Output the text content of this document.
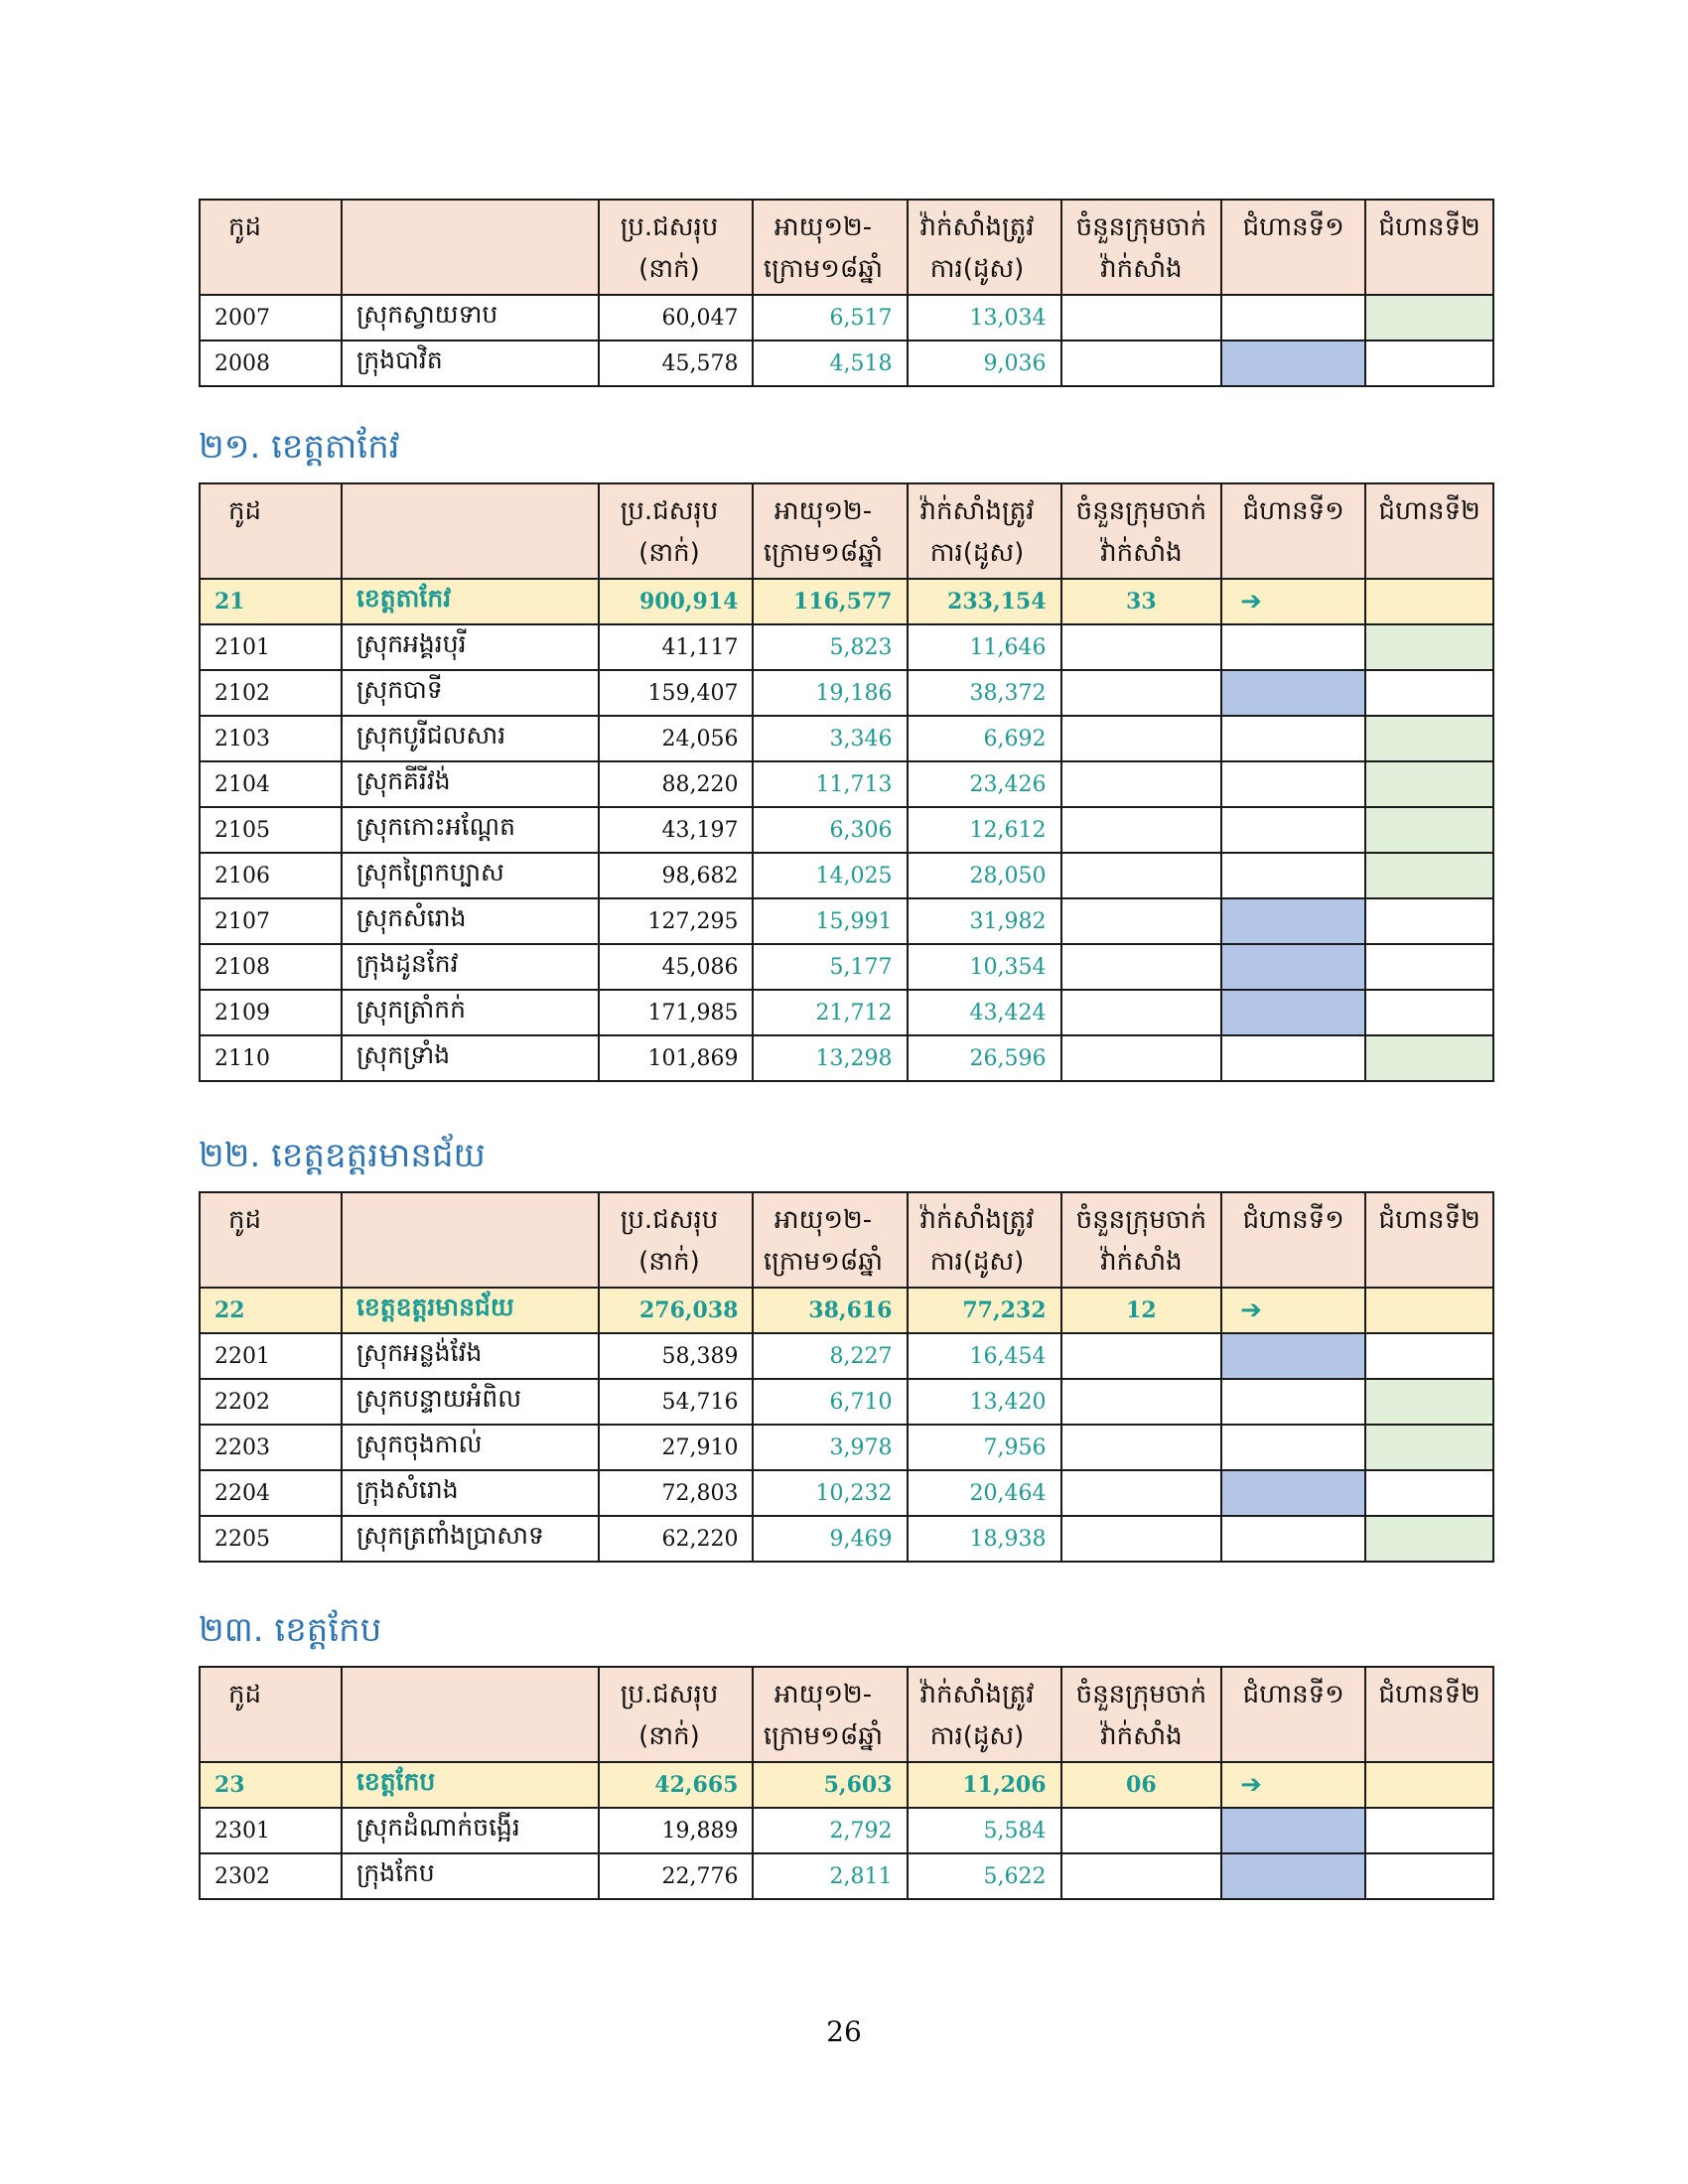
កូដ		ប្រ.ជសរុប (នាក់)	អាយុ១២-ក្រោម១៨ឆ្នាំ	វ៉ាក់សាំងត្រូវការ(ដូស)	ចំនួនក្រុមចាក់វ៉ាក់សាំង	ជំហានទី១	ជំហានទី២
2007	ស្រុកស្វាយទាប	60,047	6,517	13,034			
2008	ក្រុងបាវិត	45,578	4,518	9,036			
២១. ខេត្តតាកែវ
កូដ		ប្រ.ជសរុប (នាក់)	អាយុ១២-ក្រោម១៨ឆ្នាំ	វ៉ាក់សាំងត្រូវការ(ដូស)	ចំនួនក្រុមចាក់វ៉ាក់សាំង	ជំហានទី១	ជំហានទី២
21	ខេត្តតាកែវ	900,914	116,577	233,154	33	➔	
2101	ស្រុកអង្គរបុរី	41,117	5,823	11,646			
2102	ស្រុកបាទី	159,407	19,186	38,372			
2103	ស្រុកបូរីជលសារ	24,056	3,346	6,692			
2104	ស្រុកគីរីវង់	88,220	11,713	23,426			
2105	ស្រុកកោះអណ្តែត	43,197	6,306	12,612			
2106	ស្រុកព្រៃកប្បាស	98,682	14,025	28,050			
2107	ស្រុកសំរោង	127,295	15,991	31,982			
2108	ក្រុងដូនកែវ	45,086	5,177	10,354			
2109	ស្រុកត្រាំកក់	171,985	21,712	43,424			
2110	ស្រុកទ្រាំង	101,869	13,298	26,596			
២២. ខេត្តឧត្តរមានជ័យ
កូដ		ប្រ.ជសរុប (នាក់)	អាយុ១២-ក្រោម១៨ឆ្នាំ	វ៉ាក់សាំងត្រូវការ(ដូស)	ចំនួនក្រុមចាក់វ៉ាក់សាំង	ជំហានទី១	ជំហានទី២
22	ខេត្តឧត្តរមានជ័យ	276,038	38,616	77,232	12	➔	
2201	ស្រុកអន្លង់វែង	58,389	8,227	16,454			
2202	ស្រុកបន្ទាយអំពិល	54,716	6,710	13,420			
2203	ស្រុកចុងកាល់	27,910	3,978	7,956			
2204	ក្រុងសំរោង	72,803	10,232	20,464			
2205	ស្រុកត្រពាំងប្រាសាទ	62,220	9,469	18,938			
២៣. ខេត្តកែប
កូដ		ប្រ.ជសរុប (នាក់)	អាយុ១២-ក្រោម១៨ឆ្នាំ	វ៉ាក់សាំងត្រូវការ(ដូស)	ចំនួនក្រុមចាក់វ៉ាក់សាំង	ជំហានទី១	ជំហានទី២
23	ខេត្តកែប	42,665	5,603	11,206	06	➔	
2301	ស្រុកដំណាក់ចង្អើរ	19,889	2,792	5,584			
2302	ក្រុងកែប	22,776	2,811	5,622			
26
